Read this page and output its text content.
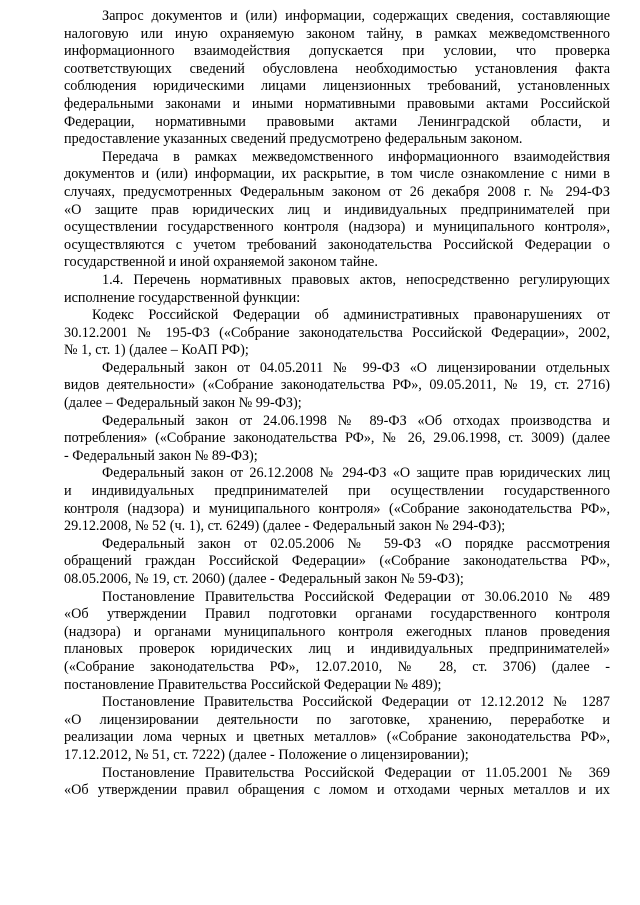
Запрос документов и (или) информации, содержащих сведения, составляющие
налоговую или иную охраняемую законом тайну, в рамках межведомственного
информационного взаимодействия допускается при условии, что проверка
соответствующих сведений обусловлена необходимостью установления факта
соблюдения юридическими лицами лицензионных требований, установленных
федеральными законами и иными нормативными правовыми актами Российской
Федерации, нормативными правовыми актами Ленинградской области, и
предоставление указанных сведений предусмотрено федеральным законом.
Передача в рамках межведомственного информационного взаимодействия
документов и (или) информации, их раскрытие, в том числе ознакомление с ними в
случаях, предусмотренных Федеральным законом от 26 декабря 2008 г. № 294-ФЗ
«О защите прав юридических лиц и индивидуальных предпринимателей при
осуществлении государственного контроля (надзора) и муниципального контроля»,
осуществляются с учетом требований законодательства Российской Федерации о
государственной и иной охраняемой законом тайне.
1.4. Перечень нормативных правовых актов, непосредственно регулирующих
исполнение государственной функции:
Кодекс Российской Федерации об административных правонарушениях от
30.12.2001 № 195-ФЗ («Собрание законодательства Российской Федерации», 2002,
№ 1, ст. 1) (далее – КоАП РФ);
Федеральный закон от 04.05.2011 № 99-ФЗ «О лицензировании отдельных
видов деятельности» («Собрание законодательства РФ», 09.05.2011, № 19, ст. 2716)
(далее – Федеральный закон № 99-ФЗ);
Федеральный закон от 24.06.1998 № 89-ФЗ «Об отходах производства и
потребления» («Собрание законодательства РФ», № 26, 29.06.1998, ст. 3009) (далее
- Федеральный закон № 89-ФЗ);
Федеральный закон от 26.12.2008 № 294-ФЗ «О защите прав юридических лиц
и индивидуальных предпринимателей при осуществлении государственного
контроля (надзора) и муниципального контроля» («Собрание законодательства РФ»,
29.12.2008, № 52 (ч. 1), ст. 6249) (далее - Федеральный закон № 294-ФЗ);
Федеральный закон от 02.05.2006 № 59-ФЗ «О порядке рассмотрения
обращений граждан Российской Федерации» («Собрание законодательства РФ»,
08.05.2006, № 19, ст. 2060) (далее - Федеральный закон № 59-ФЗ);
Постановление Правительства Российской Федерации от 30.06.2010 № 489
«Об утверждении Правил подготовки органами государственного контроля
(надзора) и органами муниципального контроля ежегодных планов проведения
плановых проверок юридических лиц и индивидуальных предпринимателей»
(«Собрание законодательства РФ», 12.07.2010, № 28, ст. 3706) (далее -
постановление Правительства Российской Федерации № 489);
Постановление Правительства Российской Федерации от 12.12.2012 № 1287
«О лицензировании деятельности по заготовке, хранению, переработке и
реализации лома черных и цветных металлов» («Собрание законодательства РФ»,
17.12.2012, № 51, ст. 7222) (далее - Положение о лицензировании);
Постановление Правительства Российской Федерации от 11.05.2001 № 369
«Об утверждении правил обращения с ломом и отходами черных металлов и их
